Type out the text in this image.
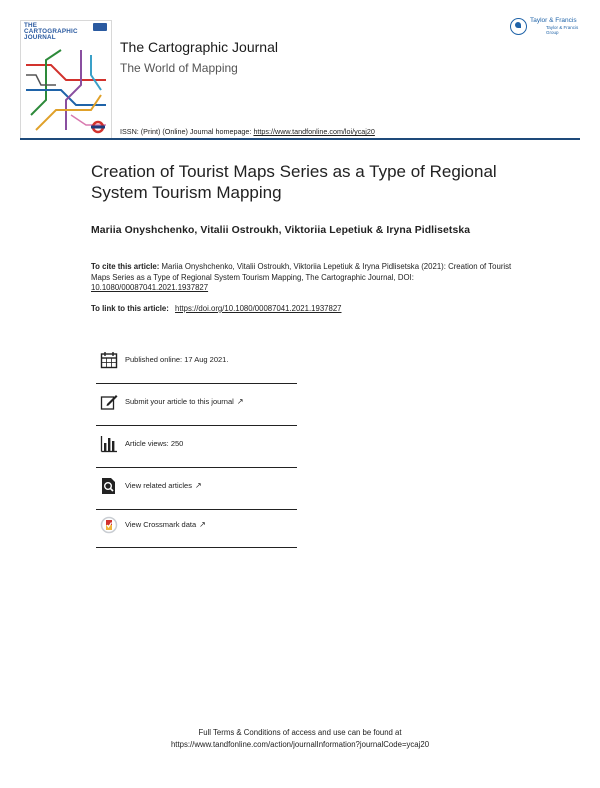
THE
CARTOGRAPHIC
JOURNAL
The Cartographic Journal
The World of Mapping
ISSN: (Print) (Online) Journal homepage: https://www.tandfonline.com/loi/ycaj20
Taylor & Francis
Taylor & Francis Group
Creation of Tourist Maps Series as a Type of Regional System Tourism Mapping
Mariia Onyshchenko, Vitalii Ostroukh, Viktoriia Lepetiuk & Iryna Pidlisetska
To cite this article: Mariia Onyshchenko, Vitalii Ostroukh, Viktoriia Lepetiuk & Iryna Pidlisetska (2021): Creation of Tourist Maps Series as a Type of Regional System Tourism Mapping, The Cartographic Journal, DOI: 10.1080/00087041.2021.1937827
To link to this article: https://doi.org/10.1080/00087041.2021.1937827
Published online: 17 Aug 2021.
Submit your article to this journal ↗
Article views: 250
View related articles ↗
View Crossmark data ↗
Full Terms & Conditions of access and use can be found at
https://www.tandfonline.com/action/journalInformation?journalCode=ycaj20
